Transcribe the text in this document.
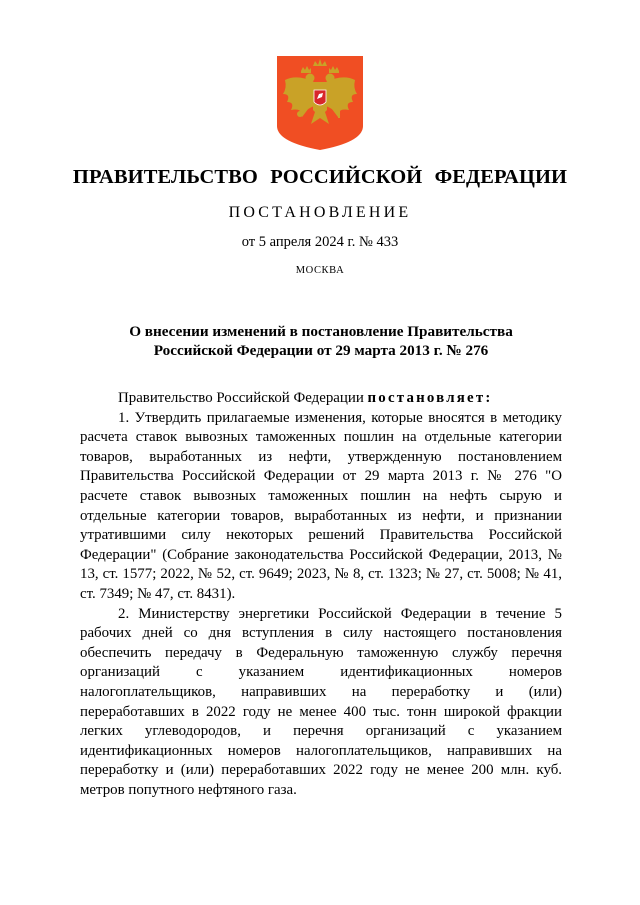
ПРАВИТЕЛЬСТВО РОССИЙСКОЙ ФЕДЕРАЦИИ
ПОСТАНОВЛЕНИЕ
от 5 апреля 2024 г. № 433
МОСКВА
О внесении изменений в постановление Правительства
Российской Федерации от 29 марта 2013 г. № 276

Правительство Российской Федерации постановляет:

1. Утвердить прилагаемые изменения, которые вносятся в методику расчета ставок вывозных таможенных пошлин на отдельные категории товаров, выработанных из нефти, утвержденную постановлением Правительства Российской Федерации от 29 марта 2013 г. № 276 "О расчете ставок вывозных таможенных пошлин на нефть сырую и отдельные категории товаров, выработанных из нефти, и признании утратившими силу некоторых решений Правительства Российской Федерации" (Собрание законодательства Российской Федерации, 2013, № 13, ст. 1577; 2022, № 52, ст. 9649; 2023, № 8, ст. 1323; № 27, ст. 5008; № 41, ст. 7349; № 47, ст. 8431).

2. Министерству энергетики Российской Федерации в течение 5 рабочих дней со дня вступления в силу настоящего постановления обеспечить передачу в Федеральную таможенную службу перечня организаций с указанием идентификационных номеров налогоплательщиков, направивших на переработку и (или) переработавших в 2022 году не менее 400 тыс. тонн широкой фракции легких углеводородов, и перечня организаций с указанием идентификационных номеров налогоплательщиков, направивших на переработку и (или) переработавших 2022 году не менее 200 млн. куб. метров попутного нефтяного газа.
